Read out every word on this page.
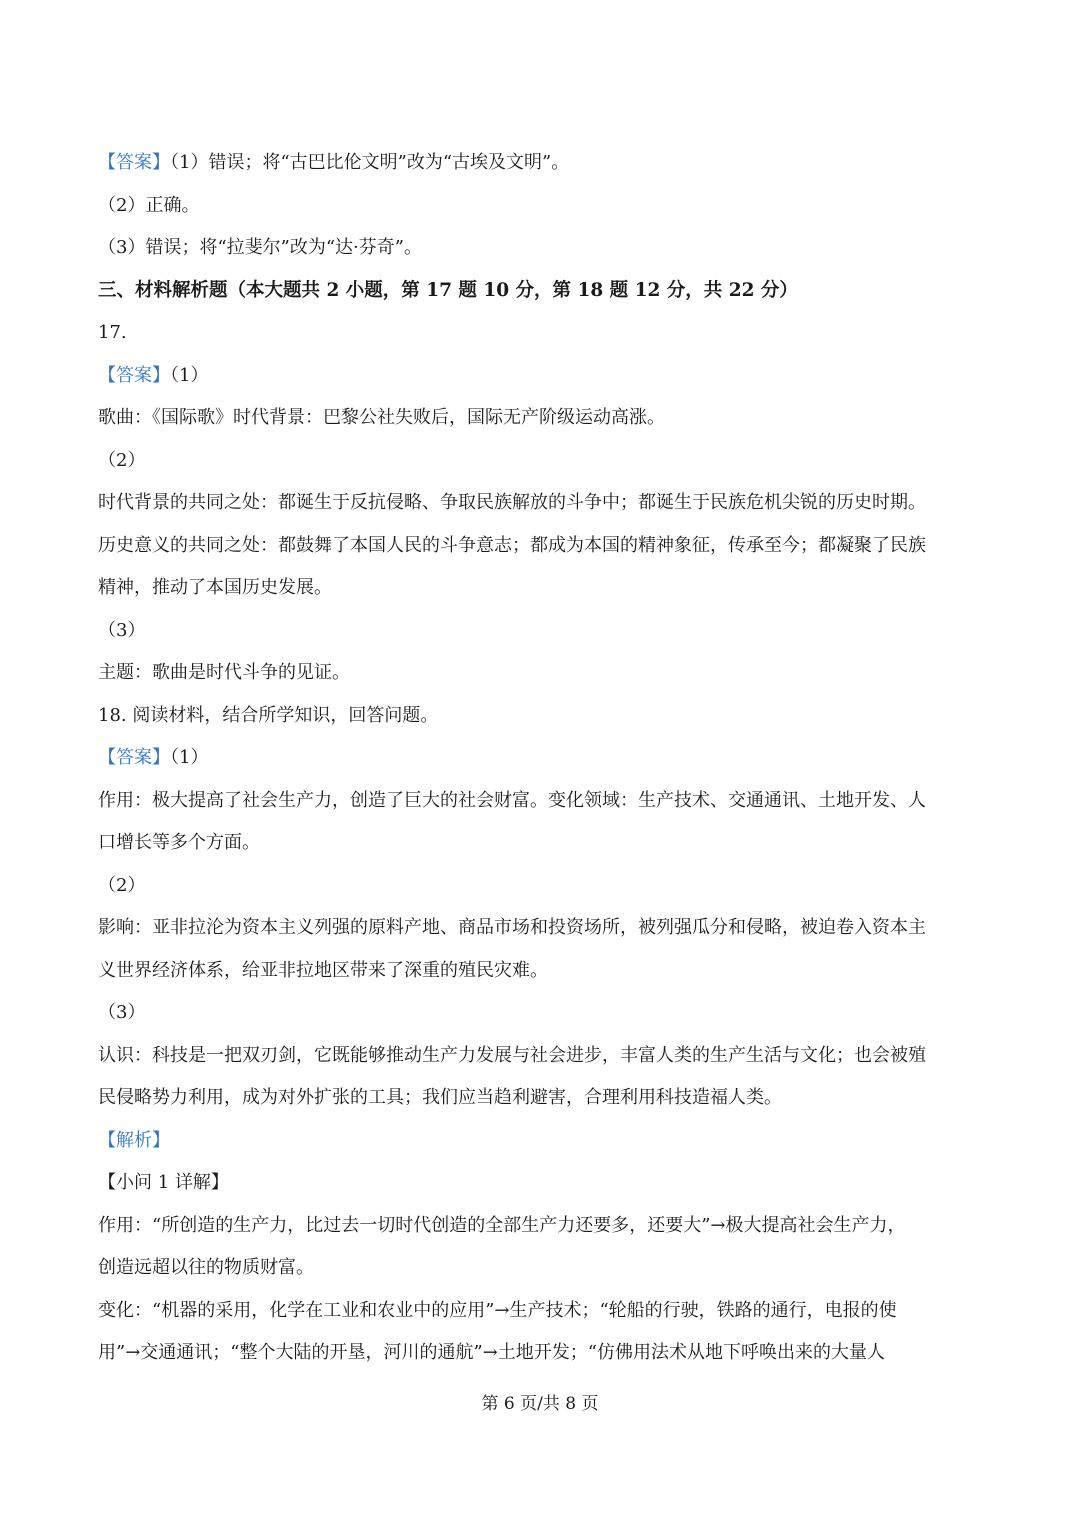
【答案】（1）错误；将“古巴比伦文明”改为“古埃及文明”。
（2）正确。
（3）错误；将“拉斐尔”改为“达·芬奇”。
三、材料解析题（本大题共 2 小题，第 17 题 10 分，第 18 题 12 分，共 22 分）
17.
【答案】（1）
歌曲：《国际歌》时代背景：巴黎公社失败后，国际无产阶级运动高涨。
（2）
时代背景的共同之处：都诞生于反抗侵略、争取民族解放的斗争中；都诞生于民族危机尖锐的历史时期。
历史意义的共同之处：都鼓舞了本国人民的斗争意志；都成为本国的精神象征，传承至今；都凝聚了民族
精神，推动了本国历史发展。
（3）
主题：歌曲是时代斗争的见证。
18. 阅读材料，结合所学知识，回答问题。
【答案】（1）
作用：极大提高了社会生产力，创造了巨大的社会财富。变化领域：生产技术、交通通讯、土地开发、人
口增长等多个方面。
（2）
影响：亚非拉沦为资本主义列强的原料产地、商品市场和投资场所，被列强瓜分和侵略，被迫卷入资本主
义世界经济体系，给亚非拉地区带来了深重的殖民灾难。
（3）
认识：科技是一把双刃剑，它既能够推动生产力发展与社会进步，丰富人类的生产生活与文化；也会被殖
民侵略势力利用，成为对外扩张的工具；我们应当趋利避害，合理利用科技造福人类。
【解析】
【小问 1 详解】
作用：“所创造的生产力，比过去一切时代创造的全部生产力还要多，还要大”→极大提高社会生产力，
创造远超以往的物质财富。
变化：“机器的采用，化学在工业和农业中的应用”→生产技术；“轮船的行驶，铁路的通行，电报的使
用”→交通通讯；“整个大陆的开垦，河川的通航”→土地开发；“仿佛用法术从地下呼唤出来的大量人
第 6 页/共 8 页
